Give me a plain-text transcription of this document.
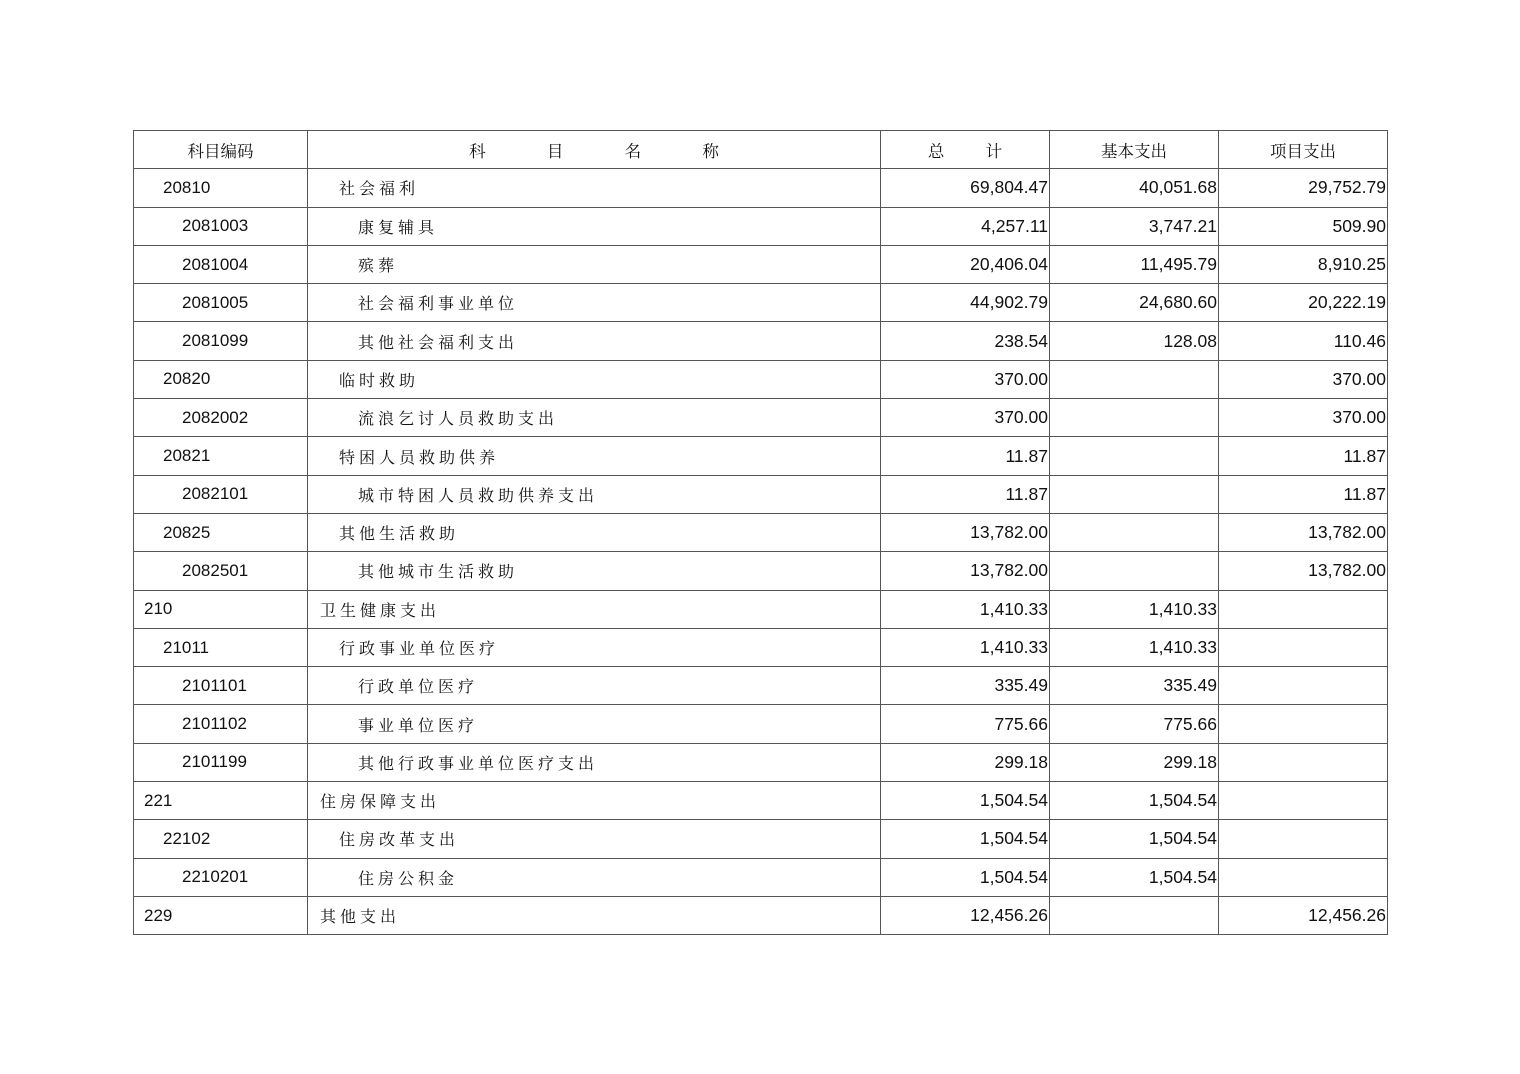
科目编码	科 目 名 称	总 计	基本支出	项目支出
20810	社会福利	69,804.47	40,051.68	29,752.79
2081003	康复辅具	4,257.11	3,747.21	509.90
2081004	殡葬	20,406.04	11,495.79	8,910.25
2081005	社会福利事业单位	44,902.79	24,680.60	20,222.19
2081099	其他社会福利支出	238.54	128.08	110.46
20820	临时救助	370.00		370.00
2082002	流浪乞讨人员救助支出	370.00		370.00
20821	特困人员救助供养	11.87		11.87
2082101	城市特困人员救助供养支出	11.87		11.87
20825	其他生活救助	13,782.00		13,782.00
2082501	其他城市生活救助	13,782.00		13,782.00
210	卫生健康支出	1,410.33	1,410.33	
21011	行政事业单位医疗	1,410.33	1,410.33	
2101101	行政单位医疗	335.49	335.49	
2101102	事业单位医疗	775.66	775.66	
2101199	其他行政事业单位医疗支出	299.18	299.18	
221	住房保障支出	1,504.54	1,504.54	
22102	住房改革支出	1,504.54	1,504.54	
2210201	住房公积金	1,504.54	1,504.54	
229	其他支出	12,456.26		12,456.26
